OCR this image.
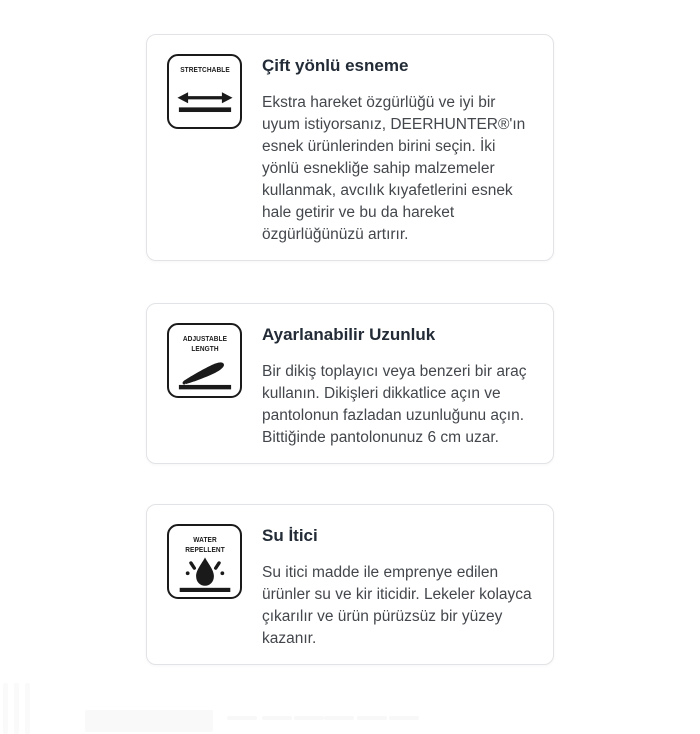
STRETCHABLE Çift yönlü esneme

Ekstra hareket özgürlüğü ve iyi bir uyum istiyorsanız, DEERHUNTER®'ın esnek ürünlerinden birini seçin. İki yönlü esnekliğe sahip malzemeler kullanmak, avcılık kıyafetlerini esnek hale getirir ve bu da hareket özgürlüğünüzü artırır.

ADJUSTABLE LENGTH
Ayarlanabilir Uzunluk

Bir dikiş toplayıcı veya benzeri bir araç kullanın. Dikişleri dikkatlice açın ve pantolonun fazladan uzunluğunu açın. Bittiğinde pantolonunuz 6 cm uzar.

WATER REPELLENT
Su İtici

Su itici madde ile emprenye edilen ürünler su ve kir iticidir. Lekeler kolayca çıkarılır ve ürün pürüzsüz bir yüzey kazanır.
